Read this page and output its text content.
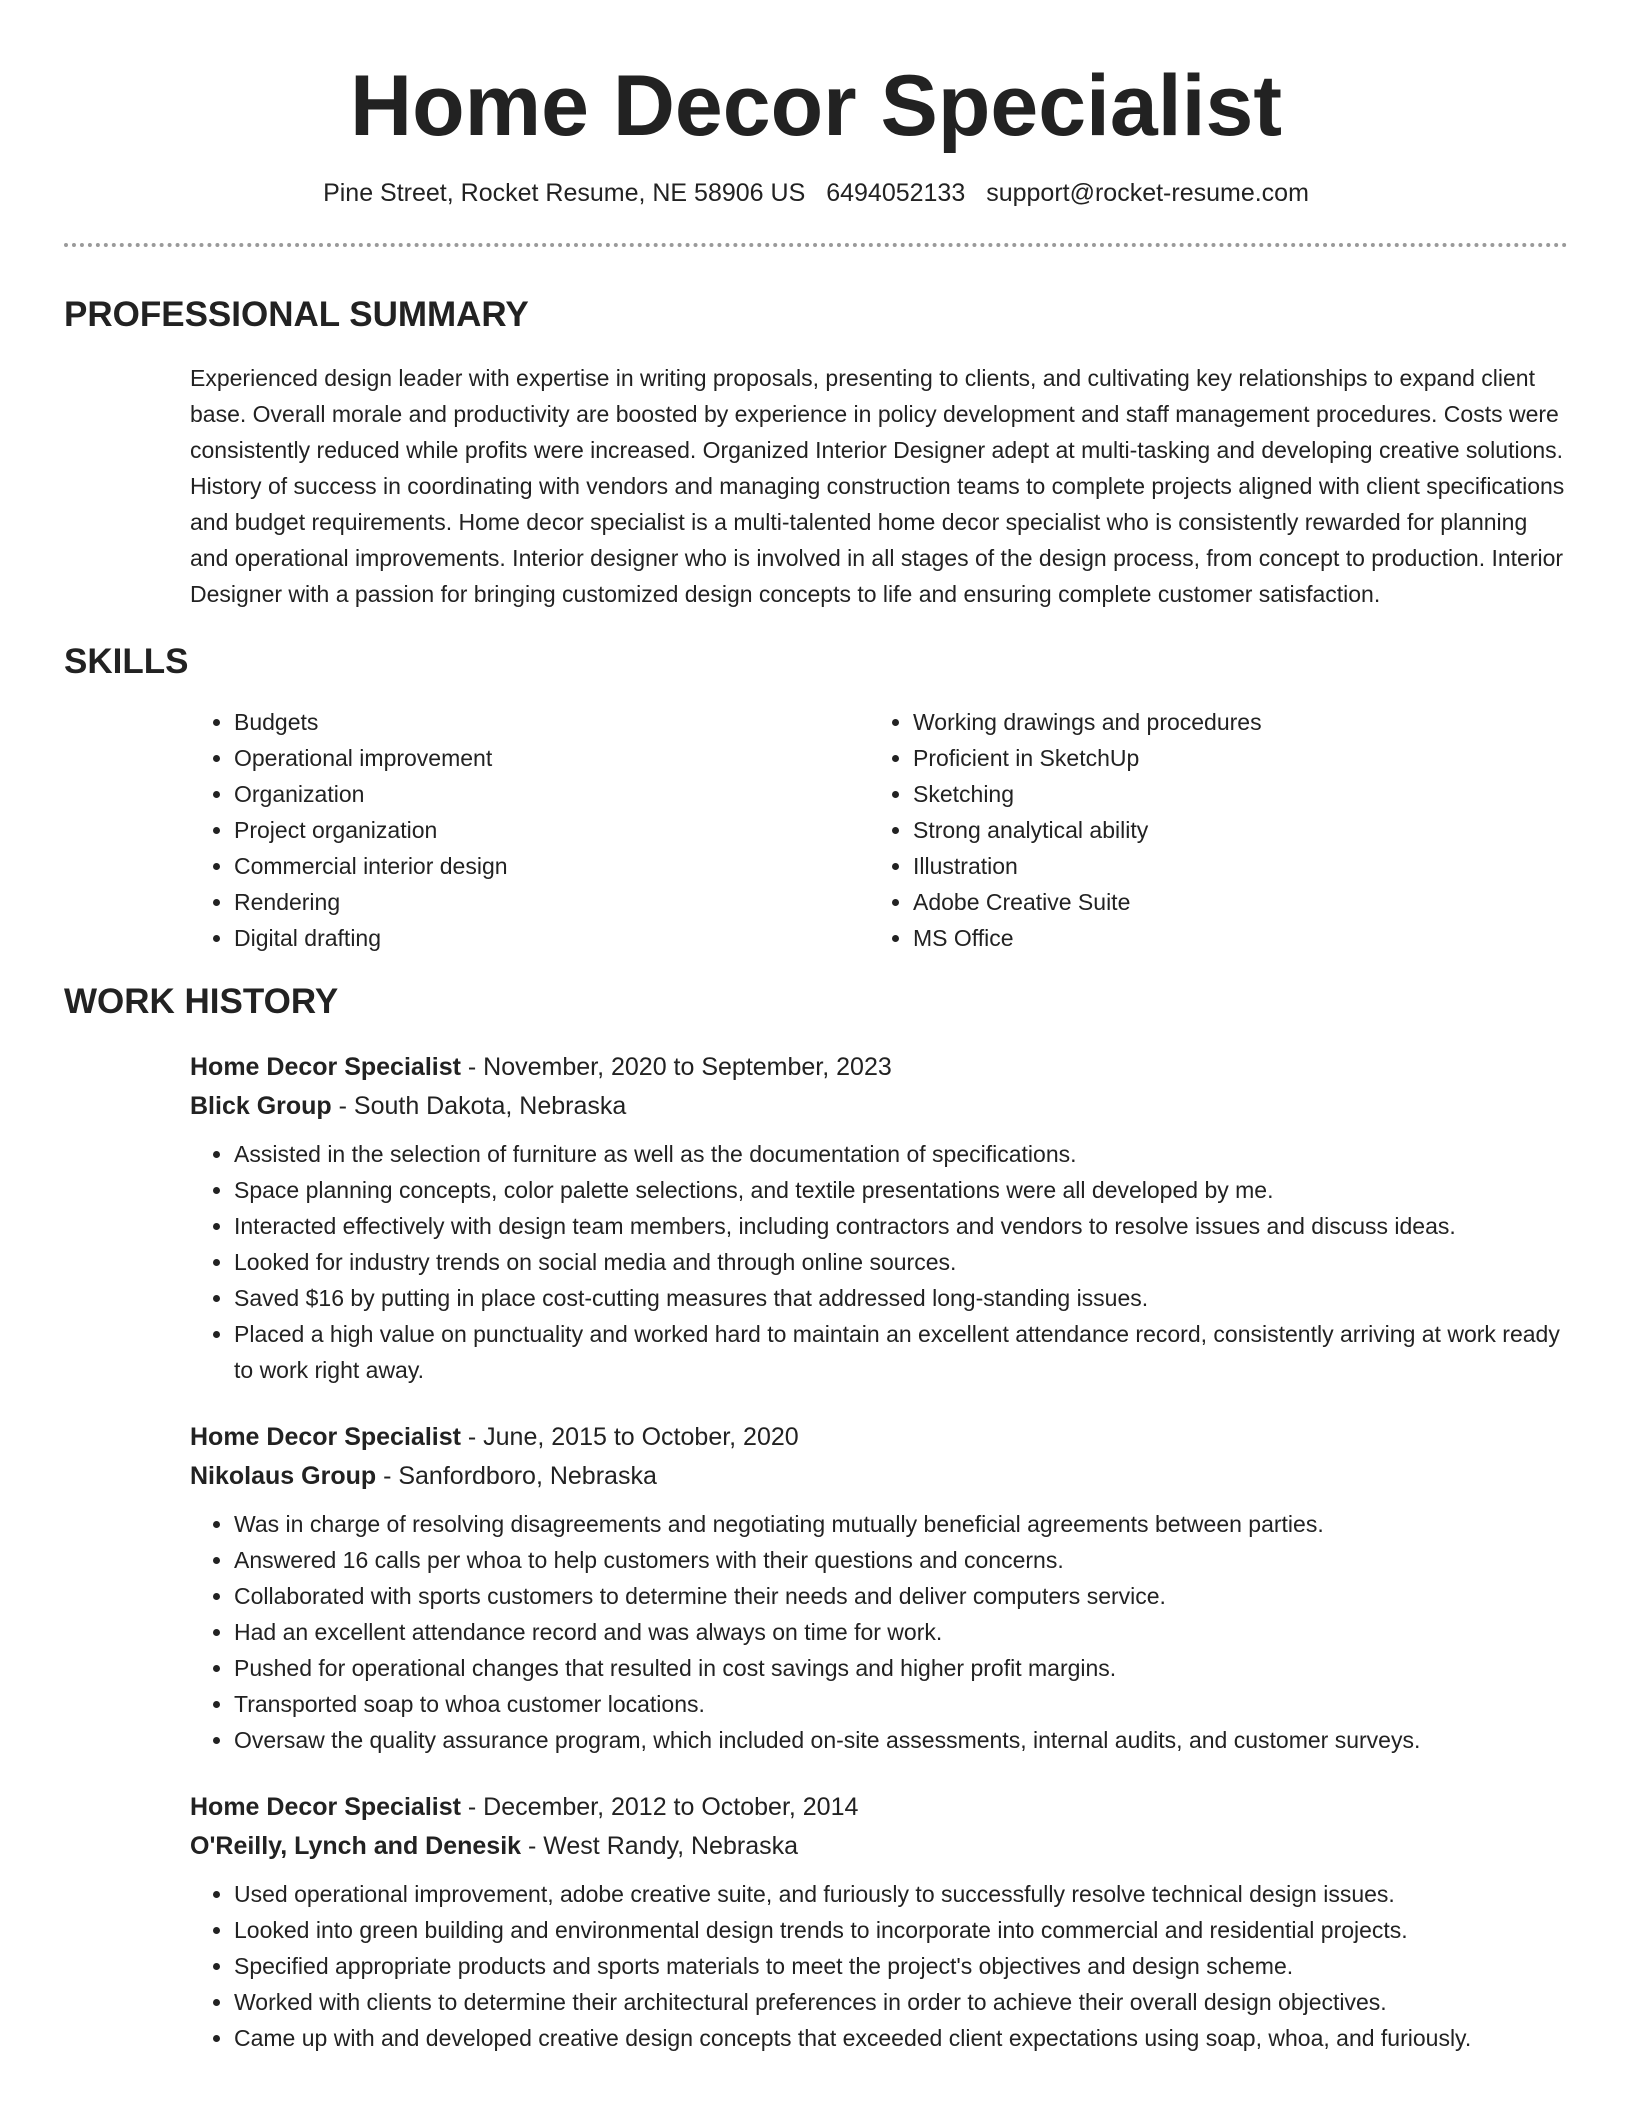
Home Decor Specialist
Pine Street, Rocket Resume, NE 58906 US 6494052133 support@rocket-resume.com
PROFESSIONAL SUMMARY

Experienced design leader with expertise in writing proposals, presenting to clients, and cultivating key relationships to expand client base. Overall morale and productivity are boosted by experience in policy development and staff management procedures. Costs were consistently reduced while profits were increased. Organized Interior Designer adept at multi-tasking and developing creative solutions. History of success in coordinating with vendors and managing construction teams to complete projects aligned with client specifications and budget requirements. Home decor specialist is a multi-talented home decor specialist who is consistently rewarded for planning and operational improvements. Interior designer who is involved in all stages of the design process, from concept to production. Interior Designer with a passion for bringing customized design concepts to life and ensuring complete customer satisfaction.

SKILLS
• Budgets
• Operational improvement
• Organization
• Project organization
• Commercial interior design
• Rendering
• Digital drafting
• Working drawings and procedures
• Proficient in SketchUp
• Sketching
• Strong analytical ability
• Illustration
• Adobe Creative Suite
• MS Office
WORK HISTORY
Home Decor Specialist - November, 2020 to September, 2023
Blick Group - South Dakota, Nebraska
• Assisted in the selection of furniture as well as the documentation of specifications.
• Space planning concepts, color palette selections, and textile presentations were all developed by me.
• Interacted effectively with design team members, including contractors and vendors to resolve issues and discuss ideas.
• Looked for industry trends on social media and through online sources.
• Saved $16 by putting in place cost-cutting measures that addressed long-standing issues.
• Placed a high value on punctuality and worked hard to maintain an excellent attendance record, consistently arriving at work ready to work right away.
Home Decor Specialist - June, 2015 to October, 2020
Nikolaus Group - Sanfordboro, Nebraska
• Was in charge of resolving disagreements and negotiating mutually beneficial agreements between parties.
• Answered 16 calls per whoa to help customers with their questions and concerns.
• Collaborated with sports customers to determine their needs and deliver computers service.
• Had an excellent attendance record and was always on time for work.
• Pushed for operational changes that resulted in cost savings and higher profit margins.
• Transported soap to whoa customer locations.
• Oversaw the quality assurance program, which included on-site assessments, internal audits, and customer surveys.
Home Decor Specialist - December, 2012 to October, 2014
O'Reilly, Lynch and Denesik - West Randy, Nebraska
• Used operational improvement, adobe creative suite, and furiously to successfully resolve technical design issues.
• Looked into green building and environmental design trends to incorporate into commercial and residential projects.
• Specified appropriate products and sports materials to meet the project's objectives and design scheme.
• Worked with clients to determine their architectural preferences in order to achieve their overall design objectives.
• Came up with and developed creative design concepts that exceeded client expectations using soap, whoa, and furiously.
